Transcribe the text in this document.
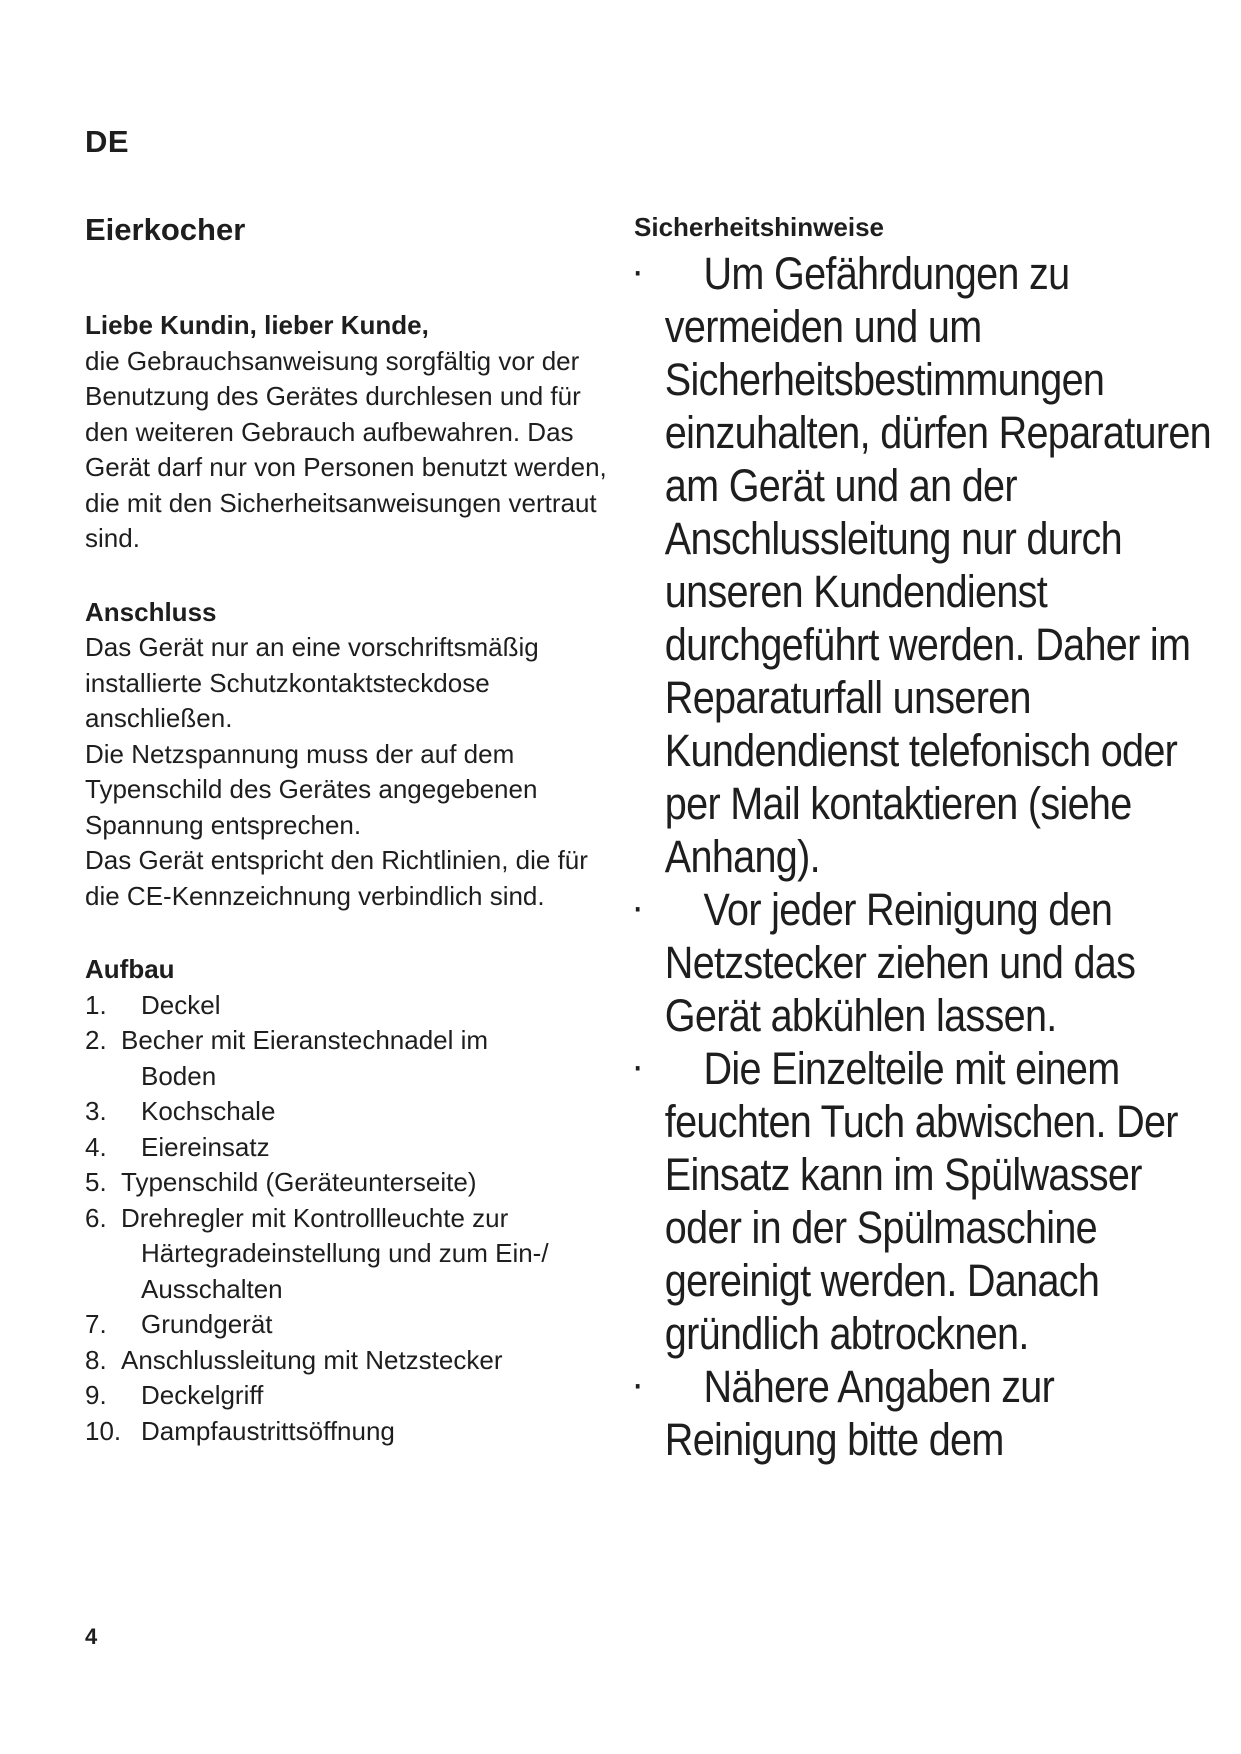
DE
Eierkocher
Liebe Kundin, lieber Kunde,
die Gebrauchsanweisung sorgfältig vor der Benutzung des Gerätes durchlesen und für den weiteren Gebrauch aufbewahren. Das Gerät darf nur von Personen benutzt werden, die mit den Sicherheitsanweisungen vertraut sind.
Anschluss
Das Gerät nur an eine vorschriftsmäßig installierte Schutzkontaktsteckdose anschließen.
Die Netzspannung muss der auf dem Typenschild des Gerätes angegebenen Spannung entsprechen.
Das Gerät entspricht den Richtlinien, die für die CE-Kennzeichnung verbindlich sind.
Aufbau
1. Deckel
2. Becher mit Eieranstechnadel im
Boden
3. Kochschale
4. Eiereinsatz
5. Typenschild (Geräteunterseite)
6. Drehregler mit Kontrollleuchte zur
Härtegradeinstellung und zum Ein-/ Ausschalten
7. Grundgerät
8. Anschlussleitung mit Netzstecker
9. Deckelgriff
10. Dampfaustrittsöffnung
Sicherheitshinweise
· Um Gefährdungen zu vermeiden und um Sicherheitsbestimmungen einzuhalten, dürfen Reparaturen am Gerät und an der Anschlussleitung nur durch unseren Kundendienst durchgeführt werden. Daher im Reparaturfall unseren Kundendienst telefonisch oder per Mail kontaktieren (siehe Anhang).
· Vor jeder Reinigung den Netzstecker ziehen und das Gerät abkühlen lassen.
· Die Einzelteile mit einem feuchten Tuch abwischen. Der Einsatz kann im Spülwasser oder in der Spülmaschine gereinigt werden. Danach gründlich abtrocknen.
· Nähere Angaben zur Reinigung bitte dem
4
